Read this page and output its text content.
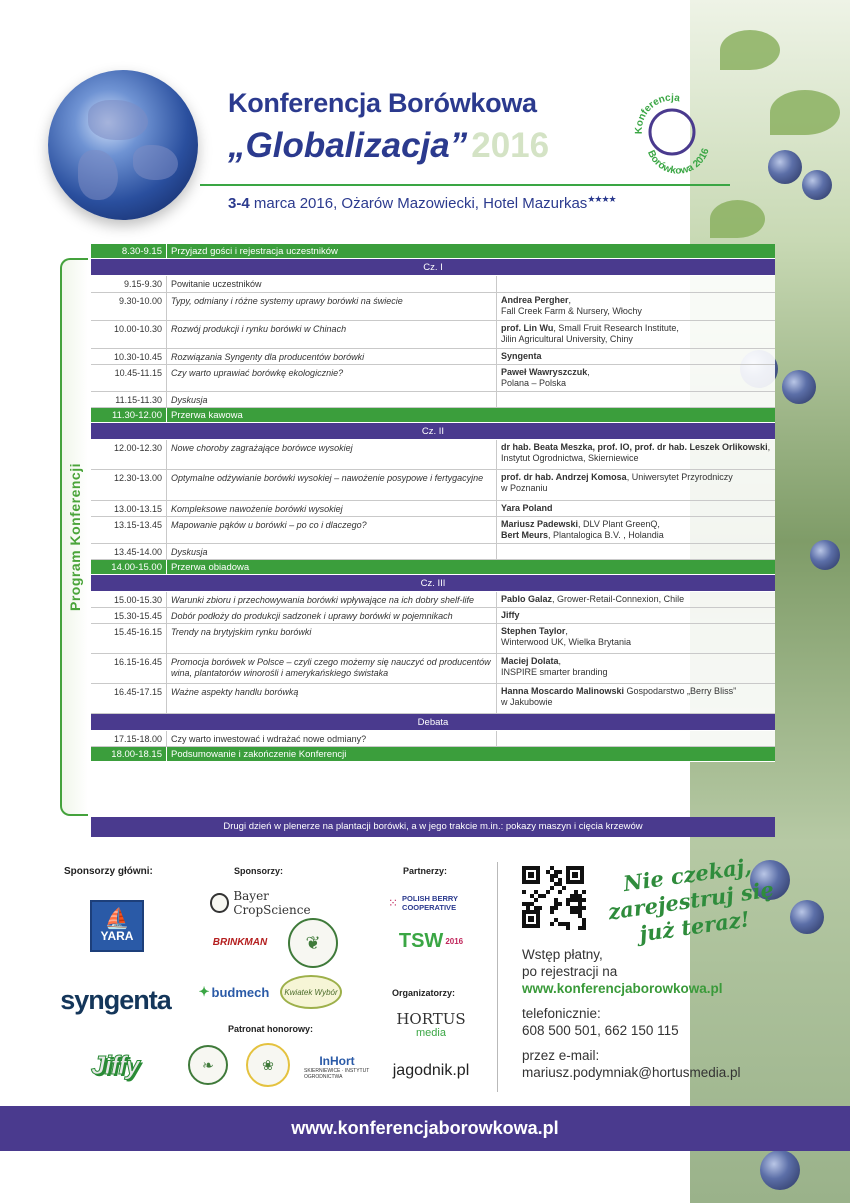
Konferencja Borówkowa
„Globalizacja” 2016	Konferencja
Borówkowa 2016
3-4 marca 2016, Ożarów Mazowiecki, Hotel Mazurkas★★★★
Program Konferencji
8.30-9.15 Przyjazd gości i rejestracja uczestników
Cz. I
9.15-9.30	Powitanie uczestników
9.30-10.00	Typy, odmiany i różne systemy uprawy borówki na świecie	Andrea Pergher,
Fall Creek Farm & Nursery, Włochy
10.00-10.30	Rozwój produkcji i rynku borówki w Chinach	prof. Lin Wu, Small Fruit Research Institute,
Jilin Agricultural University, Chiny
10.30-10.45	Rozwiązania Syngenty dla producentów borówki	Syngenta
10.45-11.15	Czy warto uprawiać borówkę ekologicznie?	Paweł Wawryszczuk,
Polana – Polska
11.15-11.30	Dyskusja
11.30-12.00 Przerwa kawowa
Cz. II
12.00-12.30	Nowe choroby zagrażające borówce wysokiej	dr hab. Beata Meszka, prof. IO, prof. dr hab. Leszek Orlikowski,
Instytut Ogrodnictwa, Skierniewice
12.30-13.00	Optymalne odżywianie borówki wysokiej – nawożenie posypowe i fertygacyjne	prof. dr hab. Andrzej Komosa, Uniwersytet Przyrodniczy
w Poznaniu
13.00-13.15	Kompleksowe nawożenie borówki wysokiej	Yara Poland
13.15-13.45	Mapowanie pąków u borówki – po co i dlaczego?	Mariusz Padewski, DLV Plant GreenQ,
Bert Meurs, Plantalogica B.V. , Holandia
13.45-14.00	Dyskusja
14.00-15.00 Przerwa obiadowa
Cz. III
15.00-15.30	Warunki zbioru i przechowywania borówki wpływające na ich dobry shelf-life	Pablo Galaz, Grower-Retail-Connexion, Chile
15.30-15.45	Dobór podłoży do produkcji sadzonek i uprawy borówki w pojemnikach	Jiffy
15.45-16.15	Trendy na brytyjskim rynku borówki	Stephen Taylor,
Winterwood UK, Wielka Brytania
16.15-16.45	Promocja borówek w Polsce – czyli czego możemy się nauczyć od producentów wina, plantatorów winorośli i amerykańskiego świstaka
Maciej Dolata,
INSPIRE smarter branding
16.45-17.15	Ważne aspekty handlu borówką	Hanna Moscardo Malinowski Gospodarstwo „Berry Bliss”
w Jakubowie
Debata
17.15-18.00	Czy warto inwestować i wdrażać nowe odmiany?
18.00-18.15 Podsumowanie i zakończenie Konferencji
Drugi dzień w plenerze na plantacji borówki, a w jego trakcie m.in.: pokazy maszyn i cięcia krzewów
Sponsorzy główni:
⛵
YARA
syngenta
Jiffy
Sponsorzy:
Bayer CropScience
BRINKMAN ❦
✦ budmech	Kwiatek Wybór
Patronat honorowy:
❧	❀	InHort
SKIERNIEWICE · INSTYTUT OGRODNICTWA
Partnerzy:
⁙ POLISH BERRY COOPERATIVE
TSW 2016
Organizatorzy:
HORTUS
media
jagodnik.pl
Nie czekaj, zarejestruj się już teraz!

Wstęp płatny,
po rejestracji na
www.konferencjaborowkowa.pl

telefonicznie:
608 500 501, 662 150 115

przez e-mail:
mariusz.podymniak@hortusmedia.pl

www.konferencjaborowkowa.pl
